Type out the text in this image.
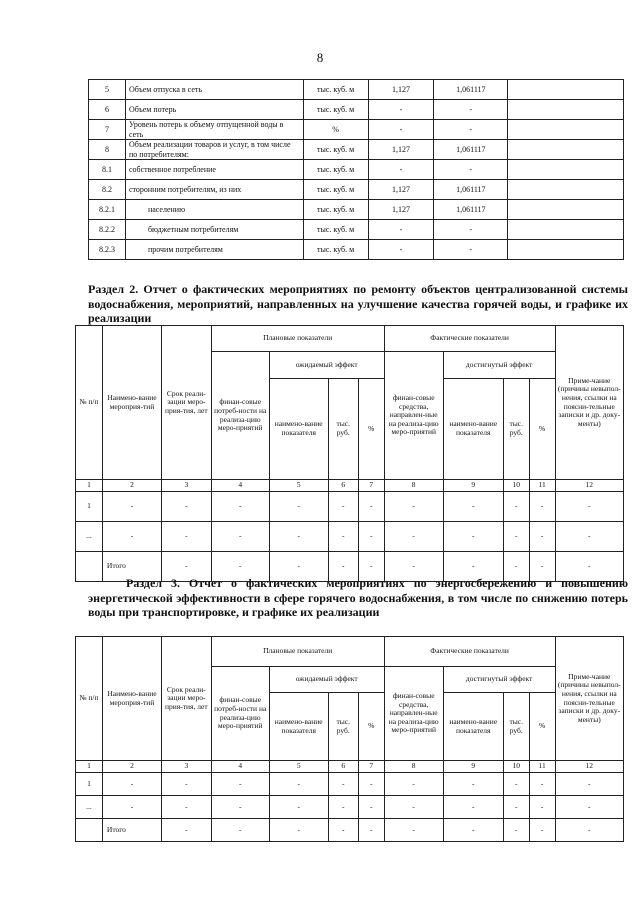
8
5	Объем отпуска в сеть	тыс. куб. м	1,127	1,061117	
6	Объем потерь	тыс. куб. м	-	-	
7	Уровень потерь к объему отпущенной воды в сеть	%	-	-	
8	Объем реализации товаров и услуг, в том числе по потребителям:	тыс. куб. м	1,127	1,061117	
8.1	собственное потребление	тыс. куб. м	-	-	
8.2	сторонним потребителям, из них	тыс. куб. м	1,127	1,061117	
8.2.1	населению	тыс. куб. м	1,127	1,061117	
8.2.2	бюджетным потребителям	тыс. куб. м	-	-	
8.2.3	прочим потребителям	тыс. куб. м	-	-	
Раздел 2. Отчет о фактических мероприятиях по ремонту объектов централизованной системы водоснабжения, мероприятий, направленных на улучшение качества горячей воды, и графике их реализации
№ п/п	Наимено-вание мероприя-тий	Срок реали-зации меро-прия-тия, лет	Плановые показатели				Фактические показатели				Приме-чание (причины невыпол-нения, ссылки на поясни-тельные записки и др. доку-менты)
			финан-совые потреб-ности на реализа-цию меро-приятий	ожидаемый эффект			финан-совые средства, направлен-ные на реализа-цию меро-приятий	достигнутый эффект			
				наимено-вание показателя	тыс. руб.	%		наимено-вание показателя	тыс. руб.	%	
1	2	3	4	5	6	7	8	9	10	11	12
1	-	-	-	-	-	-	-	-	-	-	-
...	-	-	-	-	-	-	-	-	-	-	-
	Итого	-	-	-	-	-	-	-	-	-	-
Раздел 3. Отчет о фактических мероприятиях по энергосбережению и повышению энергетической эффективности в сфере горячего водоснабжения, в том числе по снижению потерь воды при транспортировке, и графике их реализации
№ п/п	Наимено-вание мероприя-тий	Срок реали-зации меро-прия-тия, лет	Плановые показатели				Фактические показатели				Приме-чание (причины невыпол-нения, ссылки на поясни-тельные записки и др. доку-менты)
			финан-совые потреб-ности на реализа-цию меро-приятий	ожидаемый эффект			финан-совые средства, направлен-ные на реализа-цию меро-приятий	достигнутый эффект			
				наимено-вание показателя	тыс. руб.	%		наимено-вание показателя	тыс. руб.	%	
1	2	3	4	5	6	7	8	9	10	11	12
1	-	-	-	-	-	-	-	-	-	-	-
...	-	-	-	-	-	-	-	-	-	-	-
	Итого	-	-	-	-	-	-	-	-	-	-
